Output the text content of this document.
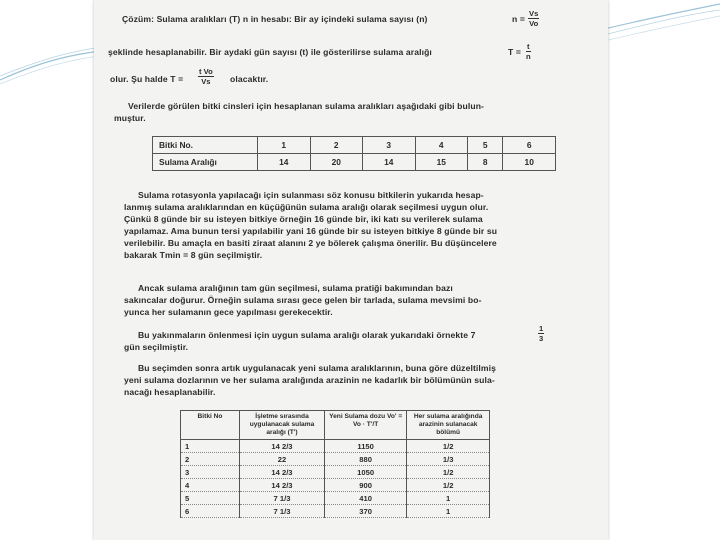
Çözüm: Sulama aralıkları (T) n in hesabı: Bir ay içindeki sulama sayısı (n)	$n = \frac{Vs}{Vo}$
şeklinde hesaplanabilir. Bir aydaki gün sayısı (t) ile gösterilirse sulama aralığı	$T = \frac{t}{n}$
olur. Şu halde $T = \frac{\text{t Vo}}{Vs}$ olacaktır.
Verilerde görülen bitki cinsleri için hesaplanan sulama aralıkları aşağıdaki gibi bulun-
muştur.
Bitki No.	1	2	3	4	5	6
Sulama Aralığı	14	20	14	15	8	10
Sulama rotasyonla yapılacağı için sulanması söz konusu bitkilerin yukarıda hesap-
lanmış sulama aralıklarından en küçüğünün sulama aralığı olarak seçilmesi uygun olur.
Çünkü 8 günde bir su isteyen bitkiye örneğin 16 günde bir, iki katı su verilerek sulama
yapılamaz. Ama bunun tersi yapılabilir yani 16 günde bir su isteyen bitkiye 8 günde bir su
verilebilir. Bu amaçla en basiti ziraat alanını 2 ye bölerek çalışma önerilir. Bu düşüncelere
bakarak Tmin = 8 gün seçilmiştir.
Ancak sulama aralığının tam gün seçilmesi, sulama pratiği bakımından bazı
sakıncalar doğurur. Örneğin sulama sırası gece gelen bir tarlada, sulama mevsimi bo-
yunca her sulamanın gece yapılması gerekecektir.
Bu yakınmaların önlenmesi için uygun sulama aralığı olarak yukarıdaki örnekte 7	$\frac{1}{3}$
gün seçilmiştir.
Bu seçimden sonra artık uygulanacak yeni sulama aralıklarının, buna göre düzeltilmiş
yeni sulama dozlarının ve her sulama aralığında arazinin ne kadarlık bir bölümünün sula-
nacağı hesaplanabilir.
Bitki No	İşletme sırasında uygulanacak sulama aralığı (T')	Yeni Sulama dozu Vo' = Vo · T'/T	Her sulama aralığında arazinin sulanacak bölümü
1	14 2/3	1150	1/2
2	22	880	1/3
3	14 2/3	1050	1/2
4	14 2/3	900	1/2
5	7 1/3	410	1
6	7 1/3	370	1
